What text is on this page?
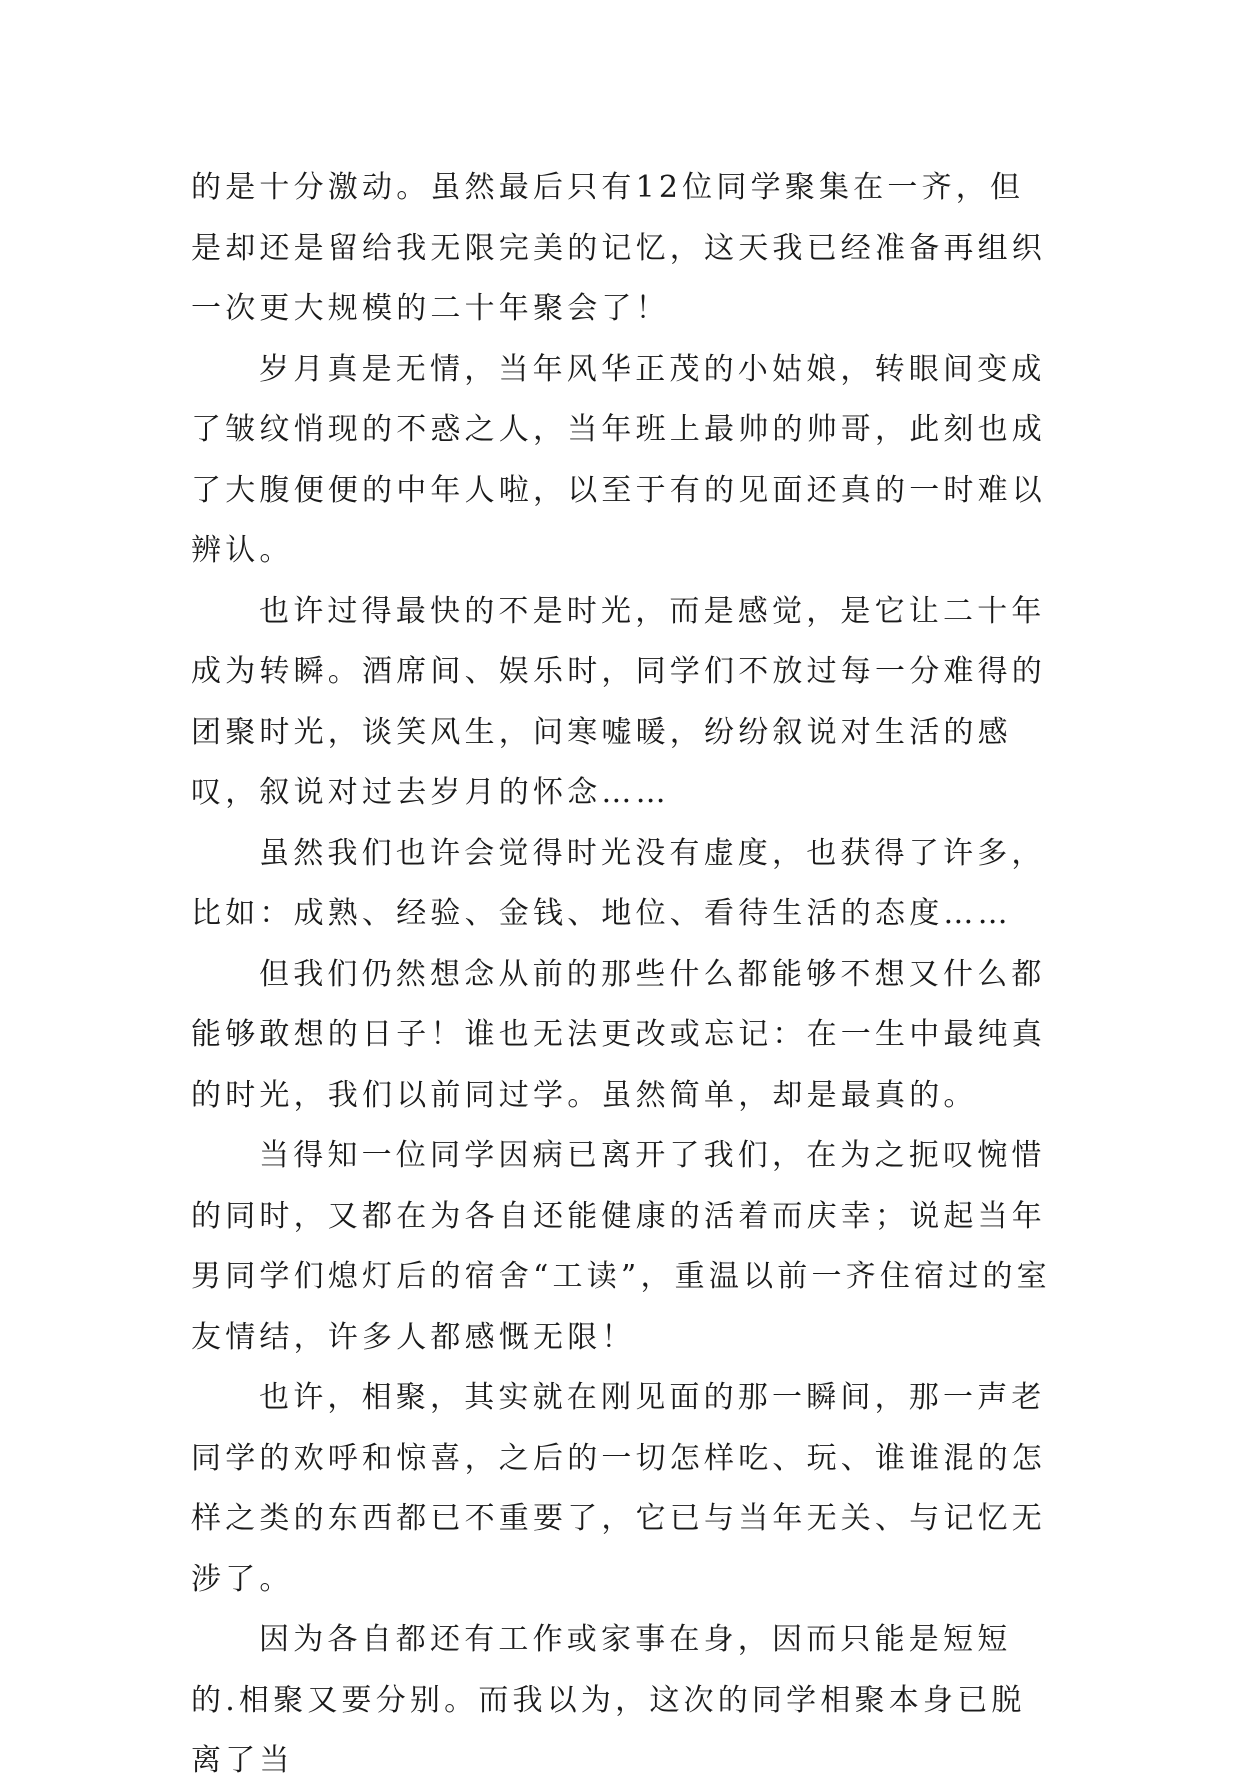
的是十分激动。虽然最后只有12位同学聚集在一齐，但是却还是留给我无限完美的记忆，这天我已经准备再组织一次更大规模的二十年聚会了！

岁月真是无情，当年风华正茂的小姑娘，转眼间变成了皱纹悄现的不惑之人，当年班上最帅的帅哥，此刻也成了大腹便便的中年人啦，以至于有的见面还真的一时难以辨认。

也许过得最快的不是时光，而是感觉，是它让二十年成为转瞬。酒席间、娱乐时，同学们不放过每一分难得的团聚时光，谈笑风生，问寒嘘暖，纷纷叙说对生活的感叹，叙说对过去岁月的怀念……

虽然我们也许会觉得时光没有虚度，也获得了许多，比如：成熟、经验、金钱、地位、看待生活的态度……

但我们仍然想念从前的那些什么都能够不想又什么都能够敢想的日子！谁也无法更改或忘记：在一生中最纯真的时光，我们以前同过学。虽然简单，却是最真的。

当得知一位同学因病已离开了我们，在为之扼叹惋惜的同时，又都在为各自还能健康的活着而庆幸；说起当年男同学们熄灯后的宿舍“工读”，重温以前一齐住宿过的室友情结，许多人都感慨无限！

也许，相聚，其实就在刚见面的那一瞬间，那一声老同学的欢呼和惊喜，之后的一切怎样吃、玩、谁谁混的怎样之类的东西都已不重要了，它已与当年无关、与记忆无涉了。

因为各自都还有工作或家事在身，因而只能是短短的.相聚又要分别。而我以为，这次的同学相聚本身已脱离了当
